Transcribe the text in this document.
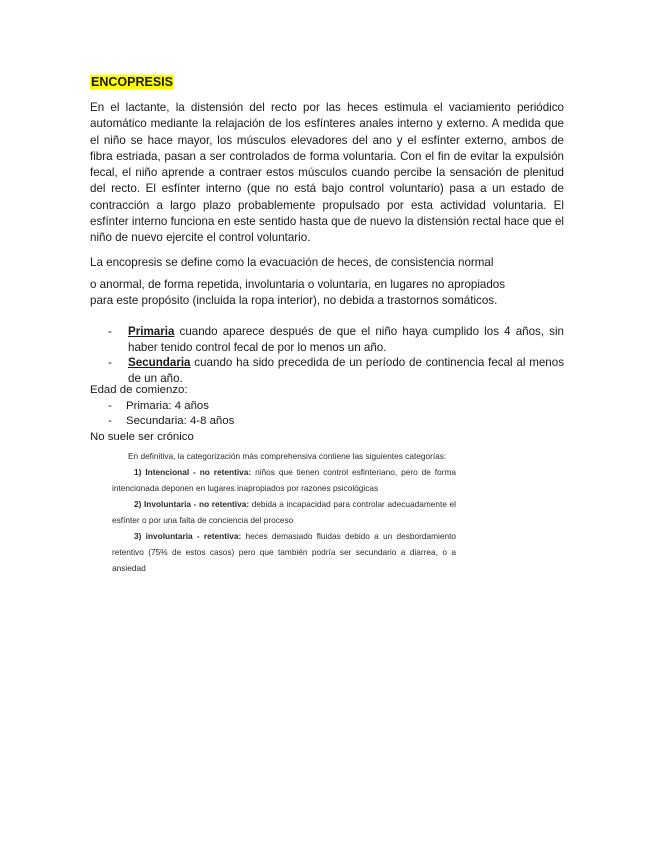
ENCOPRESIS

En el lactante, la distensión del recto por las heces estimula el vaciamiento periódico automático mediante la relajación de los esfínteres anales interno y externo. A medida que el niño se hace mayor, los músculos elevadores del ano y el esfínter externo, ambos de fibra estriada, pasan a ser controlados de forma voluntaria. Con el fin de evitar la expulsión fecal, el niño aprende a contraer estos músculos cuando percibe la sensación de plenitud del recto. El esfínter interno (que no está bajo control voluntario) pasa a un estado de contracción a largo plazo probablemente propulsado por esta actividad voluntaria. El esfínter interno funciona en este sentido hasta que de nuevo la distensión rectal hace que el niño de nuevo ejercite el control voluntario.

La encopresis se define como la evacuación de heces, de consistencia normal

o anormal, de forma repetida, involuntaria o voluntaria, en lugares no apropiados

para este propósito (incluida la ropa interior), no debida a trastornos somáticos.

- Primaria cuando aparece después de que el niño haya cumplido los 4 años, sin haber tenido control fecal de por lo menos un año.
- Secundaria cuando ha sido precedida de un período de continencia fecal al menos de un año.
Edad de comienzo:
- Primaria: 4 años
- Secundaria: 4-8 años
No suele ser crónico

En definitiva, la categorización más comprehensiva contiene las siguientes categorías:

1) Intencional - no retentiva: niños que tienen control esfinteriano, pero de forma intencionada deponen en lugares inapropiados por razones psicológicas

2) Involuntaria - no retentiva: debida a incapacidad para controlar adecuadamente el esfínter o por una falta de conciencia del proceso

3) involuntaria - retentiva: heces demasiado fluidas debido a un desbordamiento retentivo (75% de estos casos) pero que también podría ser secundario a diarrea, o a ansiedad
